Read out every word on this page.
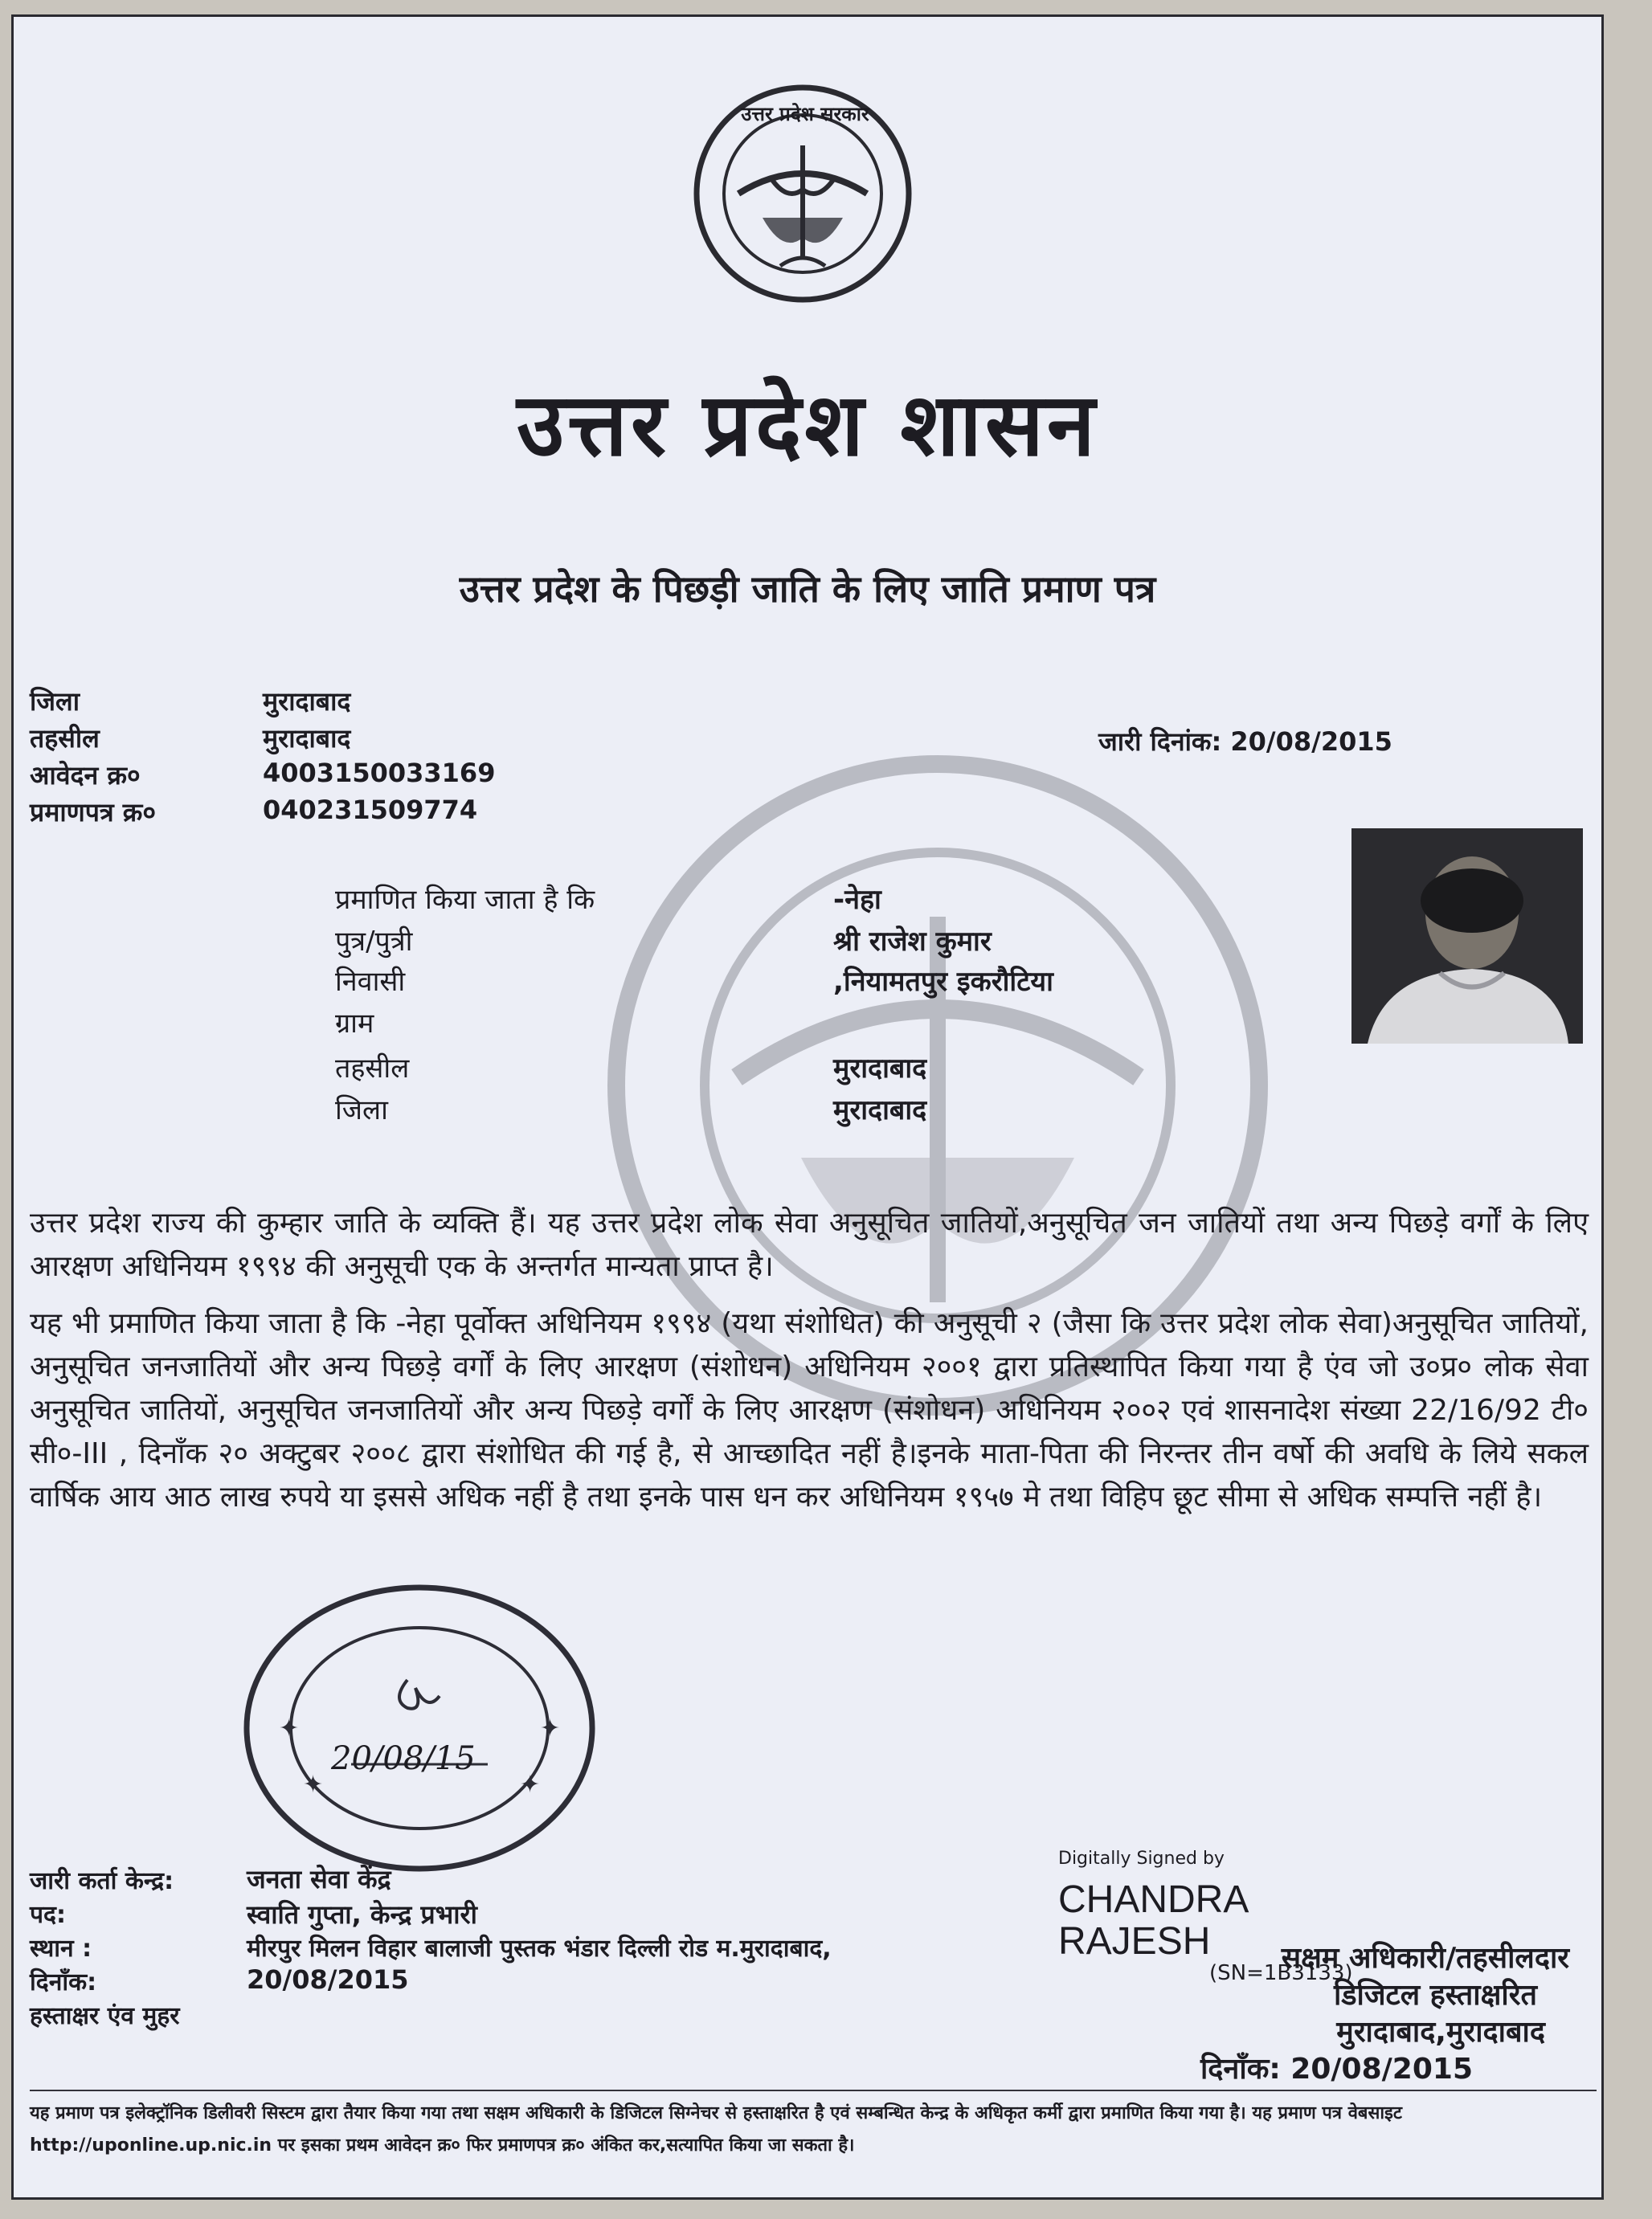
उत्तर प्रदेश सरकार
उत्तर प्रदेश शासन
उत्तर प्रदेश के पिछड़ी जाति के लिए जाति प्रमाण पत्र
जिला	मुरादाबाद
तहसील	मुरादाबाद
आवेदन क्र०	4003150033169
प्रमाणपत्र क्र०	040231509774
जारी दिनांक: 20/08/2015
प्रमाणित किया जाता है कि	-नेहा
पुत्र/पुत्री	श्री राजेश कुमार
निवासी	,नियामतपुर इकरौटिया
ग्राम
तहसील	मुरादाबाद
जिला	मुरादाबाद
उत्तर प्रदेश राज्य की कुम्हार जाति के व्यक्ति हैं। यह उत्तर प्रदेश लोक सेवा अनुसूचित जातियों,अनुसूचित जन जातियों तथा अन्य पिछड़े वर्गों के लिए आरक्षण अधिनियम १९९४ की अनुसूची एक के अन्तर्गत मान्यता प्राप्त है।
यह भी प्रमाणित किया जाता है कि -नेहा पूर्वोक्त अधिनियम १९९४ (यथा संशोधित) की अनुसूची २ (जैसा कि उत्तर प्रदेश लोक सेवा)अनुसूचित जातियों, अनुसूचित जनजातियों और अन्य पिछड़े वर्गों के लिए आरक्षण (संशोधन) अधिनियम २००१ द्वारा प्रतिस्थापित किया गया है एंव जो उ०प्र० लोक सेवा अनुसूचित जातियों, अनुसूचित जनजातियों और अन्य पिछड़े वर्गों के लिए आरक्षण (संशोधन) अधिनियम २००२ एवं शासनादेश संख्या 22/16/92 टी० सी०-III , दिनाँक २० अक्टुबर २००८ द्वारा संशोधित की गई है, से आच्छादित नहीं है।इनके माता-पिता की निरन्तर तीन वर्षो की अवधि के लिये सकल वार्षिक आय आठ लाख रुपये या इससे अधिक नहीं है तथा इनके पास धन कर अधिनियम १९५७ मे तथा विहिप छूट सीमा से अधिक सम्पत्ति नहीं है।
✦	✦
✦	✦
20/08/15
जारी कर्ता केन्द्र:	जनता सेवा केंद्र
पद:	स्वाति गुप्ता, केन्द्र प्रभारी
स्थान :	मीरपुर मिलन विहार बालाजी पुस्तक भंडार दिल्ली रोड म.मुरादाबाद,
दिनाँक:	20/08/2015
हस्ताक्षर एंव मुहर
Digitally Signed by
CHANDRA
RAJESH
(SN=1B3133)
सक्षम अधिकारी/तहसीलदार
डिजिटल हस्ताक्षरित
मुरादाबाद,मुरादाबाद
दिनाँक: 20/08/2015
यह प्रमाण पत्र इलेक्ट्रॉनिक डिलीवरी सिस्टम द्वारा तैयार किया गया तथा सक्षम अधिकारी के डिजिटल सिग्नेचर से हस्ताक्षरित है एवं सम्बन्धित केन्द्र के अधिकृत कर्मी द्वारा प्रमाणित किया गया है। यह प्रमाण पत्र वेबसाइट http://uponline.up.nic.in पर इसका प्रथम आवेदन क्र० फिर प्रमाणपत्र क्र० अंकित कर,सत्यापित किया जा सकता है।
